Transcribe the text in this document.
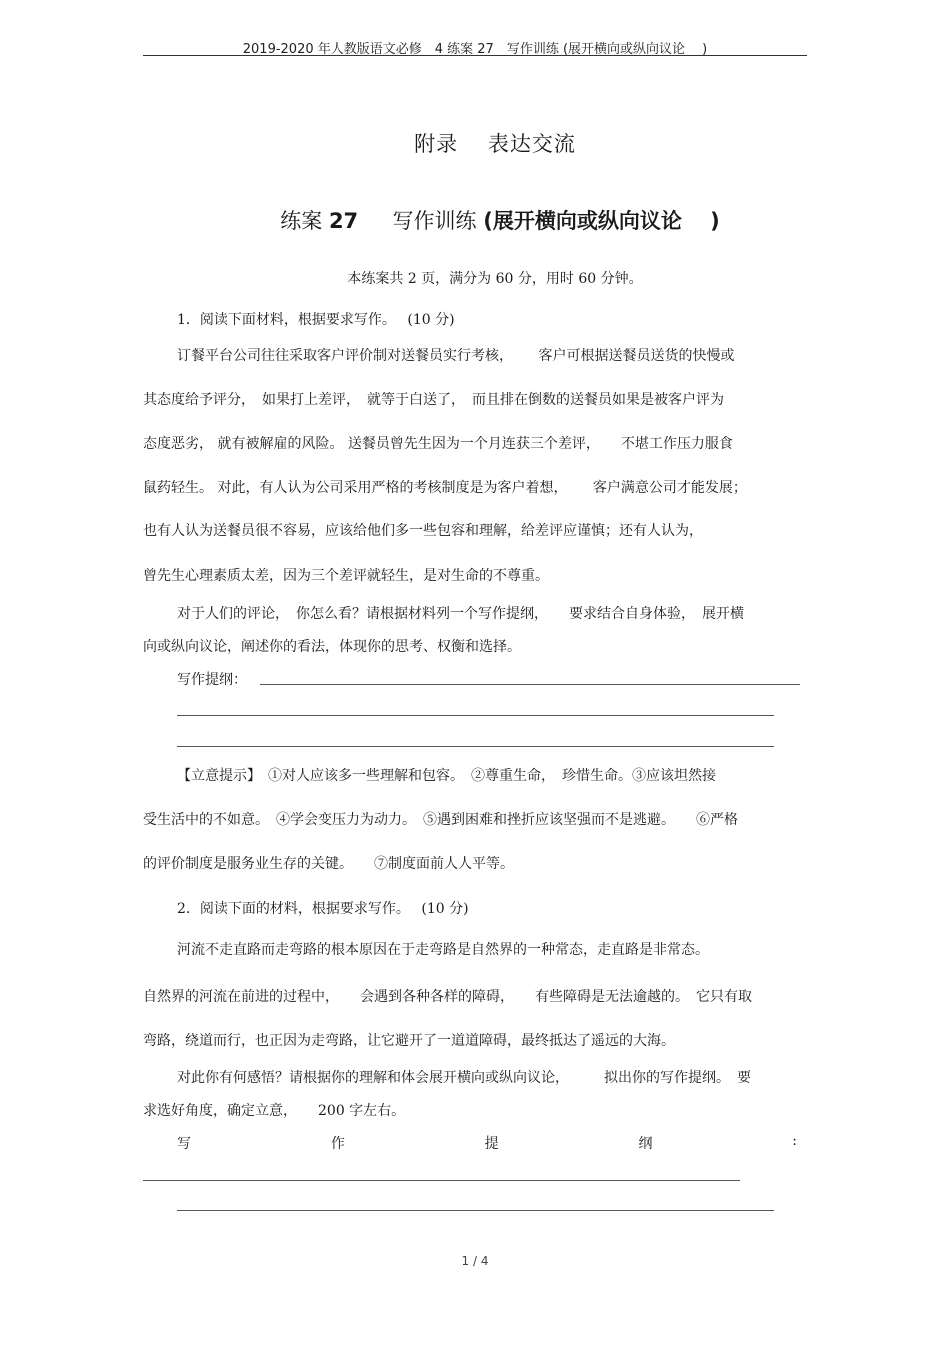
2019-2020 年人教版语文必修　4 练案 27　写作训练 (展开横向或纵向议论　 )
附录　 表达交流
练案 27 　 写作训练 (展开横向或纵向议论　 )
本练案共 2 页，满分为 60 分，用时 60 分钟。
1．阅读下面材料，根据要求写作。　 (10 分)
订餐平台公司往往采取客户评价制对送餐员实行考核，　　 客户可根据送餐员送货的快慢或
其态度给予评分，　如果打上差评，　就等于白送了，　而且排在倒数的送餐员如果是被客户评为
态度恶劣， 就有被解雇的风险。 送餐员曾先生因为一个月连获三个差评，　　不堪工作压力服食
鼠药轻生。 对此，有人认为公司采用严格的考核制度是为客户着想，　　 客户满意公司才能发展；
也有人认为送餐员很不容易，应该给他们多一些包容和理解，给差评应谨慎；还有人认为，
曾先生心理素质太差，因为三个差评就轻生，是对生命的不尊重。
对于人们的评论，　你怎么看？请根据材料列一个写作提纲，　　要求结合自身体验，　展开横
向或纵向议论，阐述你的看法，体现你的思考、权衡和选择。
写作提纲：
【立意提示】　①对人应该多一些理解和包容。　②尊重生命，　珍惜生命。③应该坦然接
受生活中的不如意。　④学会变压力为动力。　⑤遇到困难和挫折应该坚强而不是逃避。　　⑥严格
的评价制度是服务业生存的关键。　　⑦制度面前人人平等。
2．阅读下面的材料，根据要求写作。　 (10 分)
河流不走直路而走弯路的根本原因在于走弯路是自然界的一种常态，走直路是非常态。
自然界的河流在前进的过程中，　　会遇到各种各样的障碍，　　有些障碍是无法逾越的。　它只有取
弯路，绕道而行，也正因为走弯路，让它避开了一道道障碍，最终抵达了遥远的大海。
对此你有何感悟？请根据你的理解和体会展开横向或纵向议论，　　　拟出你的写作提纲。　要
求选好角度，确定立意，　　200 字左右。
写	作	提	纲	:
1 / 4
